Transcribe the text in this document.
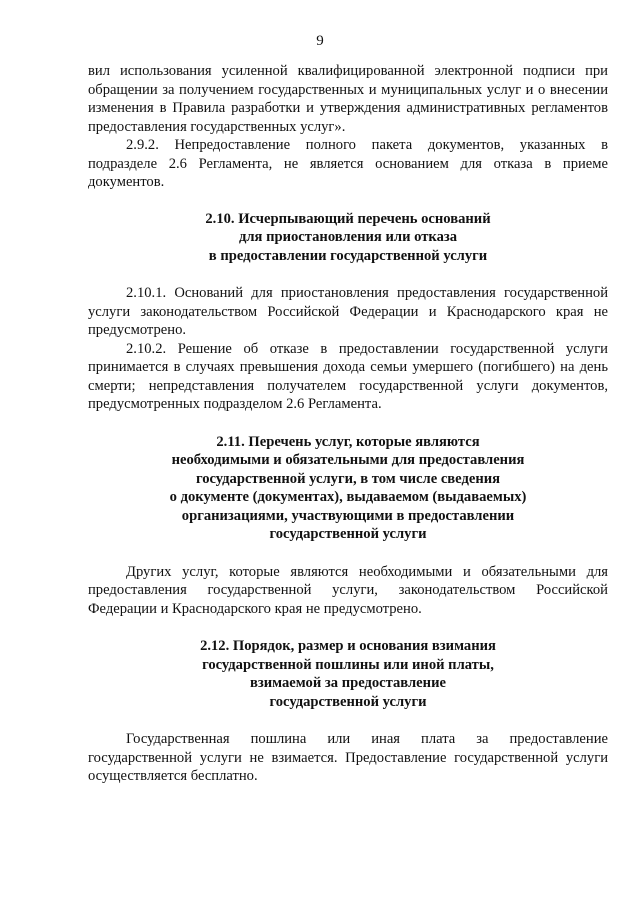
9

вил использования усиленной квалифицированной электронной подписи при обращении за получением государственных и муниципальных услуг и о внесении изменения в Правила разработки и утверждения административных регламентов предоставления государственных услуг».

2.9.2. Непредоставление полного пакета документов, указанных в подразделе 2.6 Регламента, не является основанием для отказа в приеме документов.

2.10. Исчерпывающий перечень оснований
для приостановления или отказа
в предоставлении государственной услуги

2.10.1. Оснований для приостановления предоставления государственной услуги законодательством Российской Федерации и Краснодарского края не предусмотрено.

2.10.2. Решение об отказе в предоставлении государственной услуги принимается в случаях превышения дохода семьи умершего (погибшего) на день смерти; непредставления получателем государственной услуги документов, предусмотренных подразделом 2.6 Регламента.

2.11. Перечень услуг, которые являются
необходимыми и обязательными для предоставления
государственной услуги, в том числе сведения
о документе (документах), выдаваемом (выдаваемых)
организациями, участвующими в предоставлении
государственной услуги

Других услуг, которые являются необходимыми и обязательными для предоставления государственной услуги, законодательством Российской Федерации и Краснодарского края не предусмотрено.

2.12. Порядок, размер и основания взимания
государственной пошлины или иной платы,
взимаемой за предоставление
государственной услуги

Государственная пошлина или иная плата за предоставление государственной услуги не взимается. Предоставление государственной услуги осуществляется бесплатно.
